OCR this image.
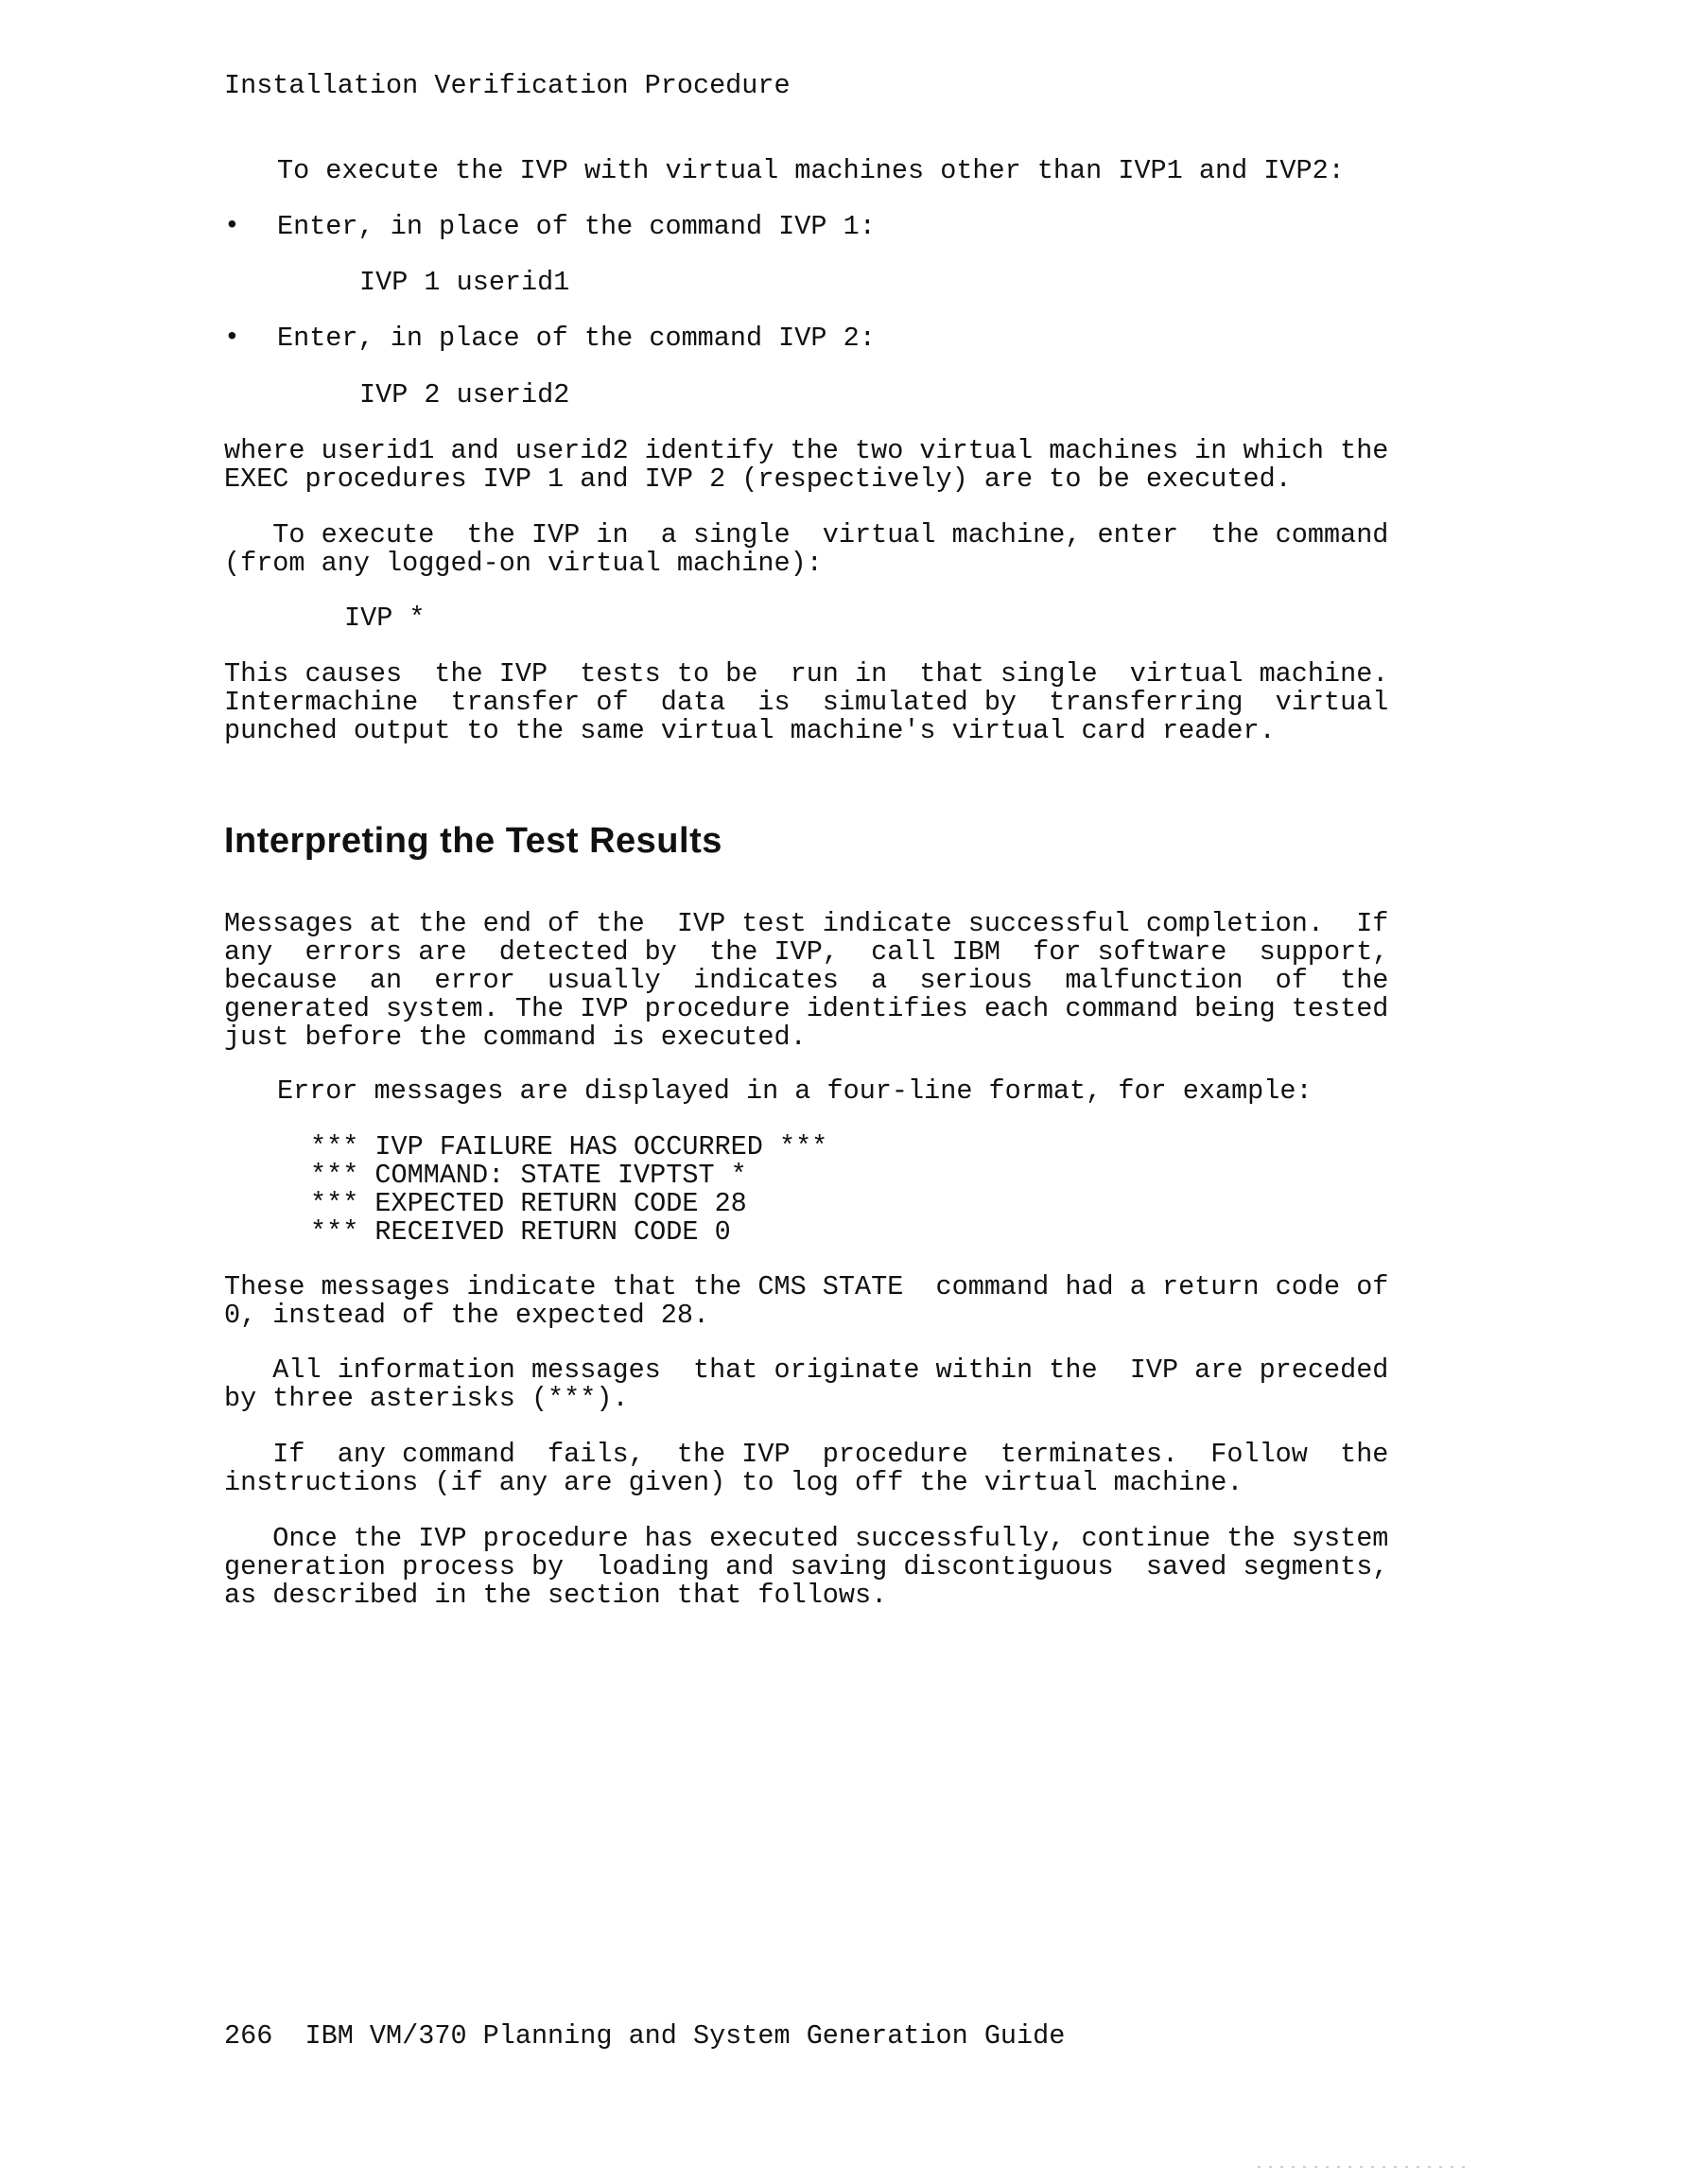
Installation Verification Procedure

To execute the IVP with virtual machines other than IVP1 and IVP2:

• Enter, in place of the command IVP 1:

IVP 1 userid1

• Enter, in place of the command IVP 2:

IVP 2 userid2

where userid1 and userid2 identify the two virtual machines in which the
EXEC procedures IVP 1 and IVP 2 (respectively) are to be executed.

To execute  the IVP in  a single  virtual machine, enter  the command
(from any logged-on virtual machine):

IVP *

This causes  the IVP  tests to be  run in  that single  virtual machine.
Intermachine  transfer of  data  is  simulated by  transferring  virtual
punched output to the same virtual machine's virtual card reader.

Interpreting the Test Results

Messages at the end of the  IVP test indicate successful completion.  If
any  errors are  detected by  the IVP,  call IBM  for software  support,
because  an  error  usually  indicates  a  serious  malfunction  of  the
generated system. The IVP procedure identifies each command being tested
just before the command is executed.

Error messages are displayed in a four-line format, for example:

*** IVP FAILURE HAS OCCURRED ***
*** COMMAND: STATE IVPTST *
*** EXPECTED RETURN CODE 28
*** RECEIVED RETURN CODE 0

These messages indicate that the CMS STATE  command had a return code of
0, instead of the expected 28.

All information messages  that originate within the  IVP are preceded
by three asterisks (***).

If  any command  fails,  the IVP  procedure  terminates.  Follow  the
instructions (if any are given) to log off the virtual machine.

Once the IVP procedure has executed successfully, continue the system
generation process by  loading and saving discontiguous  saved segments,
as described in the section that follows.

266  IBM VM/370 Planning and System Generation Guide
